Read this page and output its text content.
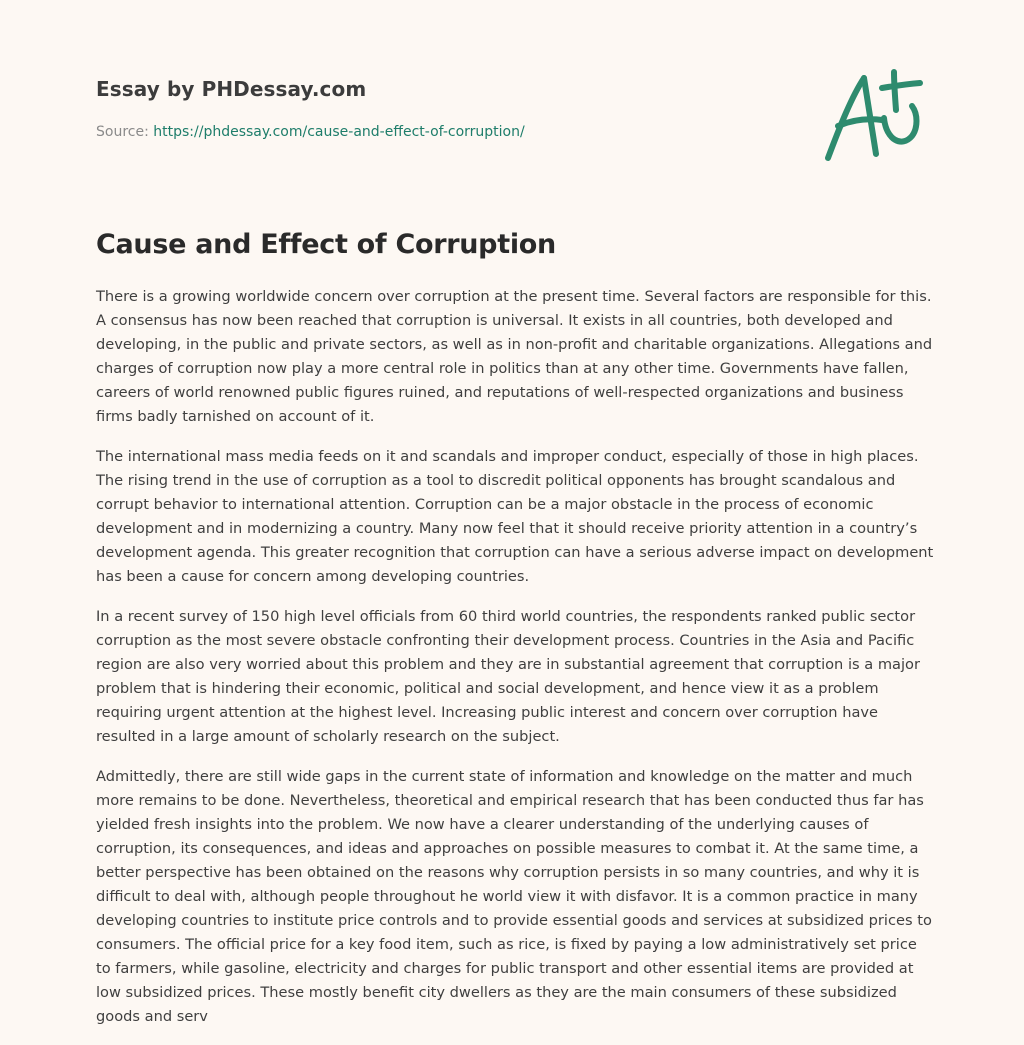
Essay by PHDessay.com

Source: https://phdessay.com/cause-and-effect-of-corruption/
Cause and Effect of Corruption

There is a growing worldwide concern over corruption at the present time. Several factors are responsible for this. A consensus has now been reached that corruption is universal. It exists in all countries, both developed and developing, in the public and private sectors, as well as in non-profit and charitable organizations. Allegations and charges of corruption now play a more central role in politics than at any other time. Governments have fallen, careers of world renowned public figures ruined, and reputations of well-respected organizations and business firms badly tarnished on account of it.

The international mass media feeds on it and scandals and improper conduct, especially of those in high places. The rising trend in the use of corruption as a tool to discredit political opponents has brought scandalous and corrupt behavior to international attention. Corruption can be a major obstacle in the process of economic development and in modernizing a country. Many now feel that it should receive priority attention in a country’s development agenda. This greater recognition that corruption can have a serious adverse impact on development has been a cause for concern among developing countries.

In a recent survey of 150 high level officials from 60 third world countries, the respondents ranked public sector corruption as the most severe obstacle confronting their development process. Countries in the Asia and Pacific region are also very worried about this problem and they are in substantial agreement that corruption is a major problem that is hindering their economic, political and social development, and hence view it as a problem requiring urgent attention at the highest level. Increasing public interest and concern over corruption have resulted in a large amount of scholarly research on the subject.

Admittedly, there are still wide gaps in the current state of information and knowledge on the matter and much more remains to be done. Nevertheless, theoretical and empirical research that has been conducted thus far has yielded fresh insights into the problem. We now have a clearer understanding of the underlying causes of corruption, its consequences, and ideas and approaches on possible measures to combat it. At the same time, a better perspective has been obtained on the reasons why corruption persists in so many countries, and why it is difficult to deal with, although people throughout he world view it with disfavor. It is a common practice in many developing countries to institute price controls and to provide essential goods and services at subsidized prices to consumers. The official price for a key food item, such as rice, is fixed by paying a low administratively set price to farmers, while gasoline, electricity and charges for public transport and other essential items are provided at low subsidized prices. These mostly benefit city dwellers as they are the main consumers of these subsidized goods and serv
